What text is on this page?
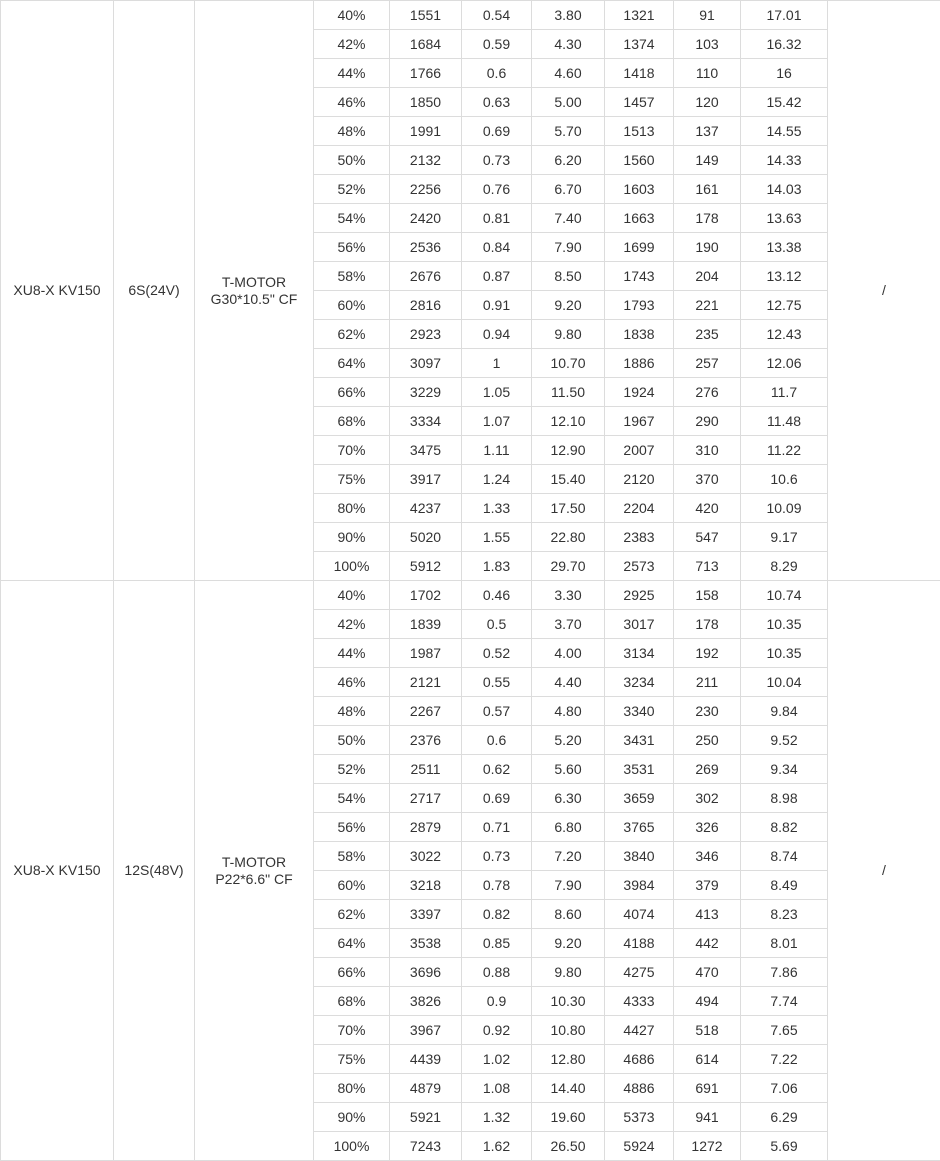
XU8-X KV150	6S(24V)	T-MOTOR
G30*10.5" CF	40%	1551	0.54	3.80	1321	91	17.01	/
			42%	1684	0.59	4.30	1374	103	16.32	
			44%	1766	0.6	4.60	1418	110	16	
			46%	1850	0.63	5.00	1457	120	15.42	
			48%	1991	0.69	5.70	1513	137	14.55	
			50%	2132	0.73	6.20	1560	149	14.33	
			52%	2256	0.76	6.70	1603	161	14.03	
			54%	2420	0.81	7.40	1663	178	13.63	
			56%	2536	0.84	7.90	1699	190	13.38	
			58%	2676	0.87	8.50	1743	204	13.12	
			60%	2816	0.91	9.20	1793	221	12.75	
			62%	2923	0.94	9.80	1838	235	12.43	
			64%	3097	1	10.70	1886	257	12.06	
			66%	3229	1.05	11.50	1924	276	11.7	
			68%	3334	1.07	12.10	1967	290	11.48	
			70%	3475	1.11	12.90	2007	310	11.22	
			75%	3917	1.24	15.40	2120	370	10.6	
			80%	4237	1.33	17.50	2204	420	10.09	
			90%	5020	1.55	22.80	2383	547	9.17	
			100%	5912	1.83	29.70	2573	713	8.29	
XU8-X KV150	12S(48V)	T-MOTOR
P22*6.6" CF	40%	1702	0.46	3.30	2925	158	10.74	/
			42%	1839	0.5	3.70	3017	178	10.35	
			44%	1987	0.52	4.00	3134	192	10.35	
			46%	2121	0.55	4.40	3234	211	10.04	
			48%	2267	0.57	4.80	3340	230	9.84	
			50%	2376	0.6	5.20	3431	250	9.52	
			52%	2511	0.62	5.60	3531	269	9.34	
			54%	2717	0.69	6.30	3659	302	8.98	
			56%	2879	0.71	6.80	3765	326	8.82	
			58%	3022	0.73	7.20	3840	346	8.74	
			60%	3218	0.78	7.90	3984	379	8.49	
			62%	3397	0.82	8.60	4074	413	8.23	
			64%	3538	0.85	9.20	4188	442	8.01	
			66%	3696	0.88	9.80	4275	470	7.86	
			68%	3826	0.9	10.30	4333	494	7.74	
			70%	3967	0.92	10.80	4427	518	7.65	
			75%	4439	1.02	12.80	4686	614	7.22	
			80%	4879	1.08	14.40	4886	691	7.06	
			90%	5921	1.32	19.60	5373	941	6.29	
			100%	7243	1.62	26.50	5924	1272	5.69	
